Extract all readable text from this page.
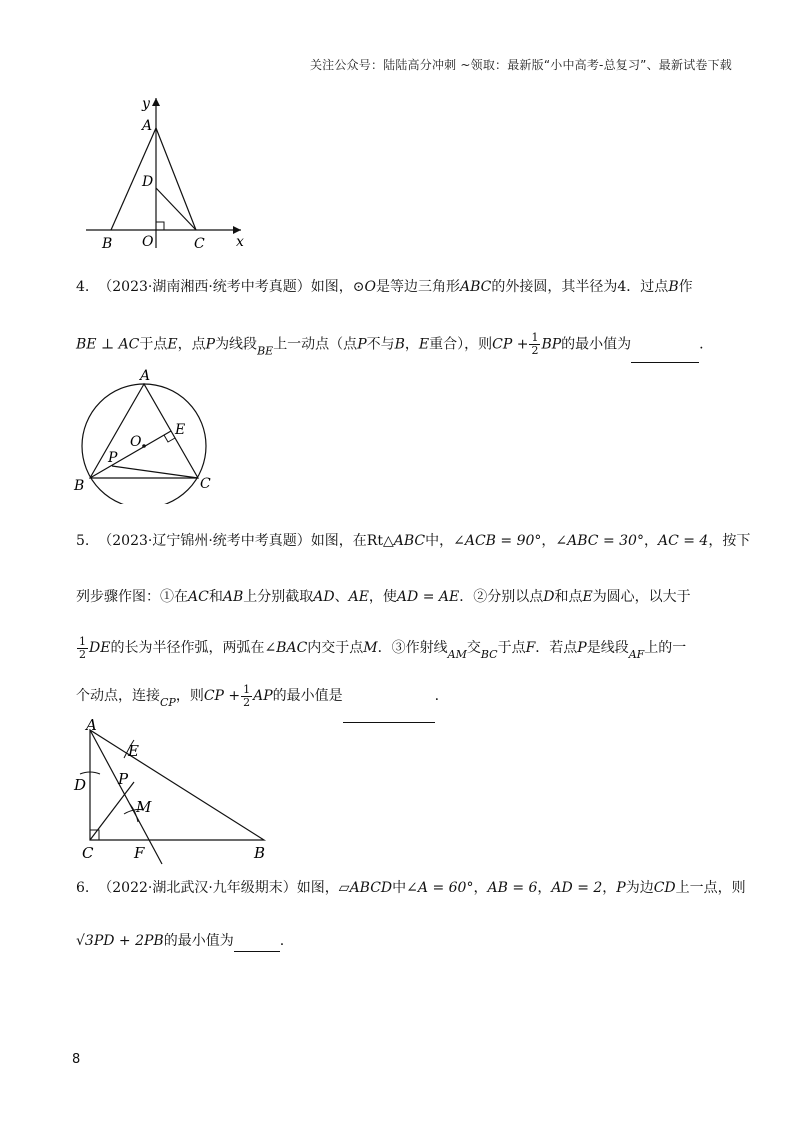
关注公众号：陆陆高分冲刺 ~领取：最新版“小中高考-总复习”、最新试卷下载
y
A
D
O
B	C x
4. （2023·湖南湘西·统考中考真题）如图，⊙O是等边三角形ABC的外接圆，其半径为4．过点B作
BE ⊥ AC于点E，点P为线段$_{BE}$上一动点（点P不与B，E重合），则CP + $\frac{1}{2}$ BP的最小值为	.
A
E
O
P
B	C
5. （2023·辽宁锦州·统考中考真题）如图，在Rt△ABC中，∠ACB = 90°，∠ABC = 30°，AC = 4，按下
列步骤作图：①在AC和AB上分别截取AD、AE，使AD = AE．②分别以点D和点E为圆心，以大于
$\frac{1}{2}$ DE的长为半径作弧，两弧在∠BAC内交于点M．③作射线$_{AM}$交$_{BC}$于点F．若点P是线段$_{AF}$上的一
个动点，连接$_{CP}$，则CP + $\frac{1}{2}$ AP的最小值是	.
A
E
D P
M
C	F	B
6. （2022·湖北武汉·九年级期末）如图，▱ABCD中∠A = 60°，AB = 6，AD = 2，P为边CD上一点，则
√3PD + 2PB的最小值为	.
8
